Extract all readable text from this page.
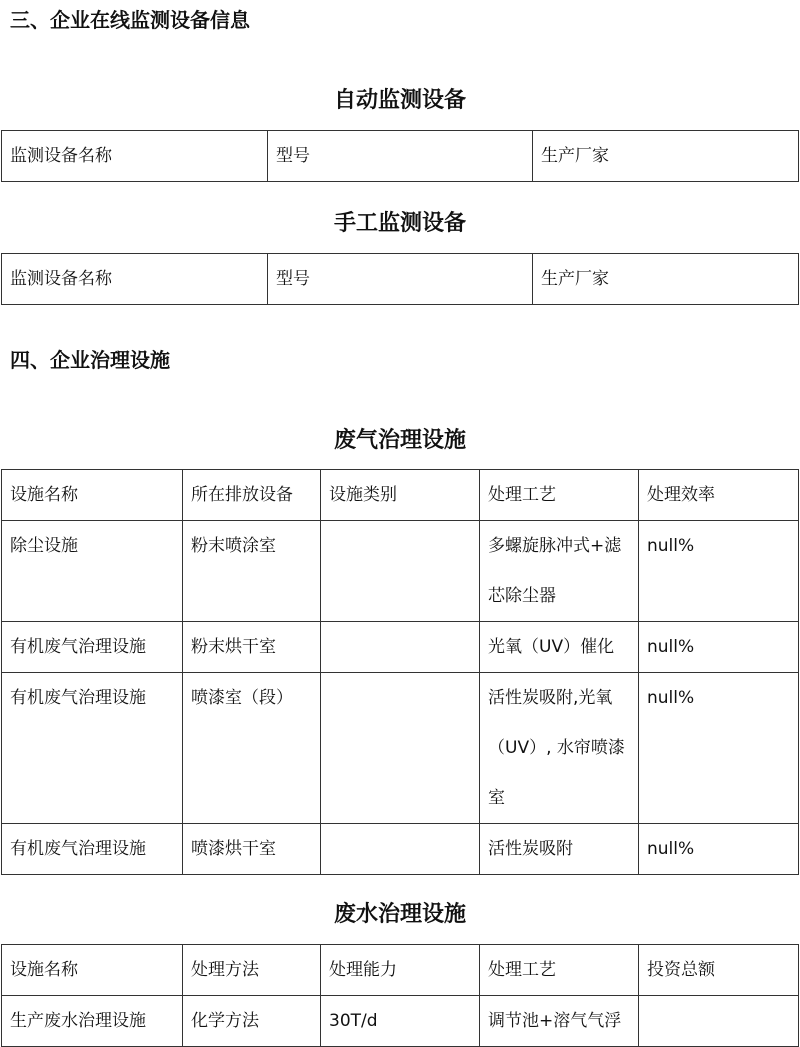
三、企业在线监测设备信息
自动监测设备
监测设备名称	型号	生产厂家
手工监测设备
监测设备名称	型号	生产厂家
四、企业治理设施
废气治理设施
设施名称	所在排放设备	设施类别	处理工艺	处理效率
除尘设施	粉末喷涂室		多螺旋脉冲式+滤芯除尘器	null%
有机废气治理设施	粉末烘干室		光氧（UV）催化	null%
有机废气治理设施	喷漆室（段）		活性炭吸附,光氧（UV）, 水帘喷漆室	null%
有机废气治理设施	喷漆烘干室		活性炭吸附	null%
废水治理设施
设施名称	处理方法	处理能力	处理工艺	投资总额
生产废水治理设施	化学方法	30T/d	调节池+溶气气浮	
